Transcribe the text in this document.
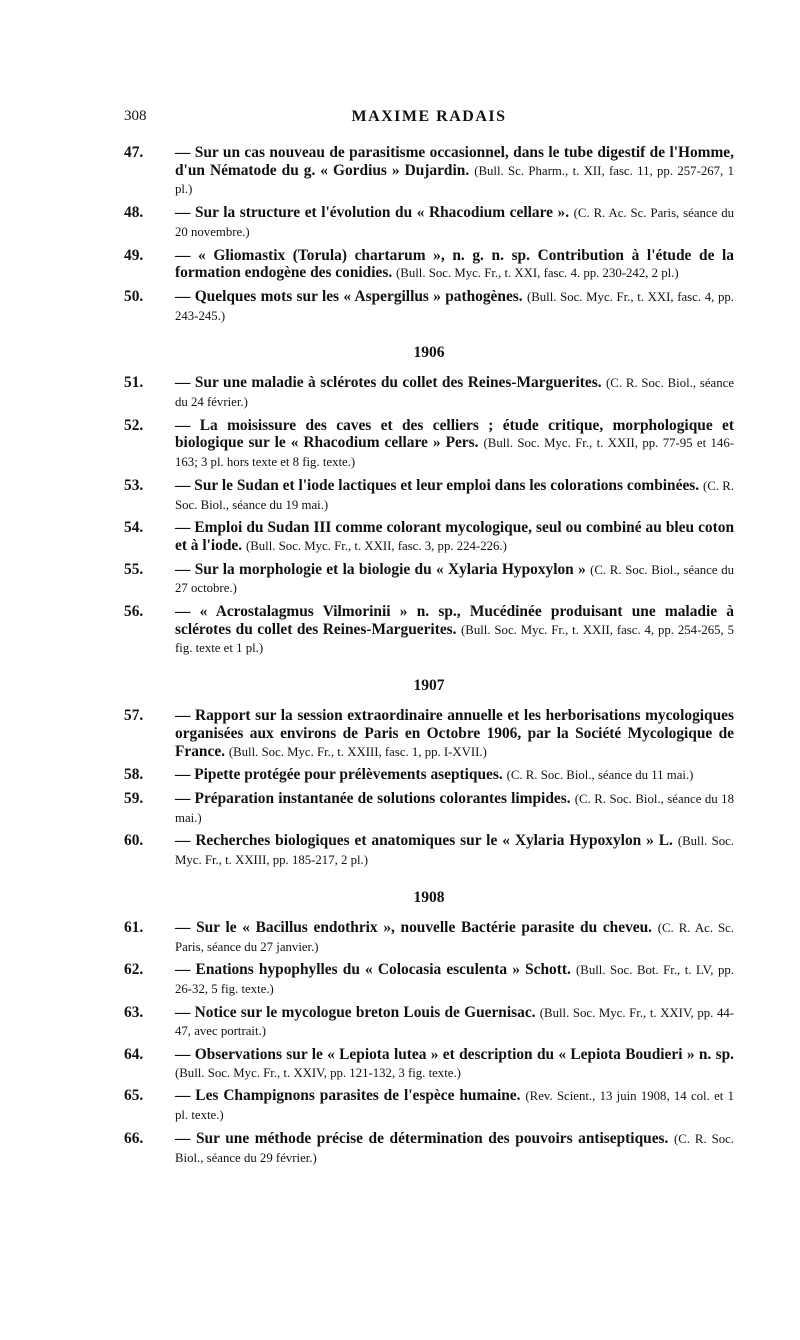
308	MAXIME RADAIS
47. — Sur un cas nouveau de parasitisme occasionnel, dans le tube digestif de l'Homme, d'un Nématode du g. « Gordius » Dujardin. (Bull. Sc. Pharm., t. XII, fasc. 11, pp. 257-267, 1 pl.)
48. — Sur la structure et l'évolution du « Rhacodium cellare ». (C. R. Ac. Sc. Paris, séance du 20 novembre.)
49. — « Gliomastix (Torula) chartarum », n. g. n. sp. Contribution à l'étude de la formation endogène des conidies. (Bull. Soc. Myc. Fr., t. XXI, fasc. 4. pp. 230-242, 2 pl.)
50. — Quelques mots sur les « Aspergillus » pathogènes. (Bull. Soc. Myc. Fr., t. XXI, fasc. 4, pp. 243-245.)
1906
51. — Sur une maladie à sclérotes du collet des Reines-Marguerites. (C. R. Soc. Biol., séance du 24 février.)
52. — La moisissure des caves et des celliers ; étude critique, morphologique et biologique sur le « Rhacodium cellare » Pers. (Bull. Soc. Myc. Fr., t. XXII, pp. 77-95 et 146-163; 3 pl. hors texte et 8 fig. texte.)
53. — Sur le Sudan et l'iode lactiques et leur emploi dans les colorations combinées. (C. R. Soc. Biol., séance du 19 mai.)
54. — Emploi du Sudan III comme colorant mycologique, seul ou combiné au bleu coton et à l'iode. (Bull. Soc. Myc. Fr., t. XXII, fasc. 3, pp. 224-226.)
55. — Sur la morphologie et la biologie du « Xylaria Hypoxylon » (C. R. Soc. Biol., séance du 27 octobre.)
56. — « Acrostalagmus Vilmorinii » n. sp., Mucédinée produisant une maladie à sclérotes du collet des Reines-Marguerites. (Bull. Soc. Myc. Fr., t. XXII, fasc. 4, pp. 254-265, 5 fig. texte et 1 pl.)
1907
57. — Rapport sur la session extraordinaire annuelle et les herborisations mycologiques organisées aux environs de Paris en Octobre 1906, par la Société Mycologique de France. (Bull. Soc. Myc. Fr., t. XXIII, fasc. 1, pp. I-XVII.)
58. — Pipette protégée pour prélèvements aseptiques. (C. R. Soc. Biol., séance du 11 mai.)
59. — Préparation instantanée de solutions colorantes limpides. (C. R. Soc. Biol., séance du 18 mai.)
60. — Recherches biologiques et anatomiques sur le « Xylaria Hypoxylon » L. (Bull. Soc. Myc. Fr., t. XXIII, pp. 185-217, 2 pl.)
1908
61. — Sur le « Bacillus endothrix », nouvelle Bactérie parasite du cheveu. (C. R. Ac. Sc. Paris, séance du 27 janvier.)
62. — Enations hypophylles du « Colocasia esculenta » Schott. (Bull. Soc. Bot. Fr., t. LV, pp. 26-32, 5 fig. texte.)
63. — Notice sur le mycologue breton Louis de Guernisac. (Bull. Soc. Myc. Fr., t. XXIV, pp. 44-47, avec portrait.)
64. — Observations sur le « Lepiota lutea » et description du « Lepiota Boudieri » n. sp. (Bull. Soc. Myc. Fr., t. XXIV, pp. 121-132, 3 fig. texte.)
65. — Les Champignons parasites de l'espèce humaine. (Rev. Scient., 13 juin 1908, 14 col. et 1 pl. texte.)
66. — Sur une méthode précise de détermination des pouvoirs antiseptiques. (C. R. Soc. Biol., séance du 29 février.)
